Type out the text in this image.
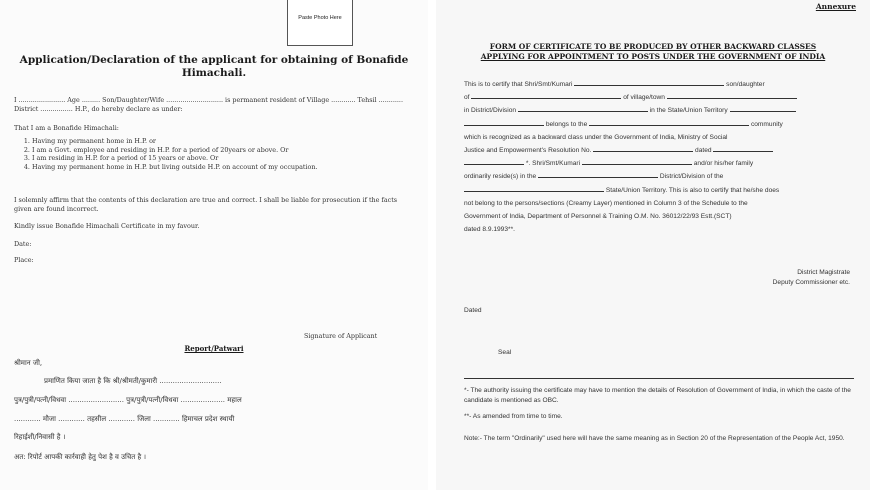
Paste Photo Here
Application/Declaration of the applicant for obtaining of Bonafide Himachali.
I ....................... Age ......... Son/Daughter/Wife ............................ is permanent resident of Village ............ Tehsil ............ District ................ H.P., do hereby declare as under:
That I am a Bonafide Himachali:
1. Having my permanent home in H.P. or
2. I am a Govt. employee and residing in H.P. for a period of 20years or above. Or
3. I am residing in H.P. for a period of 15 years or above. Or
4. Having my permanent home in H.P. but living outside H.P. on account of my occupation.
I solemnly affirm that the contents of this declaration are true and correct. I shall be liable for prosecution if the facts given are found incorrect.
Kindly issue Bonafide Himachali Certificate in my favour.
Date:
Place:
Signature of Applicant
Report/Patwari
श्रीमान जी,
प्रमाणित किया जाता है कि श्री/श्रीमती/कुमारी ............................
पुत्र/पुत्री/पत्नी/विधवा ......................... पुत्र/पुत्री/पत्नी/विधवा .................... महाल
............ मौजा ............ तहसील ............ जिला ............ हिमाचल प्रदेश स्थायी
रिहाईशी/निवासी है ।
अत: रिपोर्ट आपकी कार्रवाही हेतु पेश है व उचित है ।
Annexure
FORM OF CERTIFICATE TO BE PRODUCED BY OTHER BACKWARD CLASSES
APPLYING FOR APPOINTMENT TO POSTS UNDER THE GOVERNMENT OF INDIA
This is to certify that Shri/Smt/Kumari	son/daughter
of	of village/town
in District/Division	in the State/Union Territory
belongs to the	community
which is recognized as a backward class under the Government of India, Ministry of Social
Justice and Empowerment's Resolution No.	dated
*. Shri/Smt/Kumari	and/or his/her family
ordinarily reside(s) in the	District/Division of the
State/Union Territory. This is also to certify that he/she does
not belong to the persons/sections (Creamy Layer) mentioned in Column 3 of the Schedule to the
Government of India, Department of Personnel & Training O.M. No. 36012/22/93 Estt.(SCT)
dated 8.9.1993**.
District Magistrate
Deputy Commissioner etc.
Dated
Seal
*- The authority issuing the certificate may have to mention the details of Resolution of Government of India, in which the caste of the candidate is mentioned as OBC.
**- As amended from time to time.
Note:- The term "Ordinarily" used here will have the same meaning as in Section 20 of the Representation of the People Act, 1950.
